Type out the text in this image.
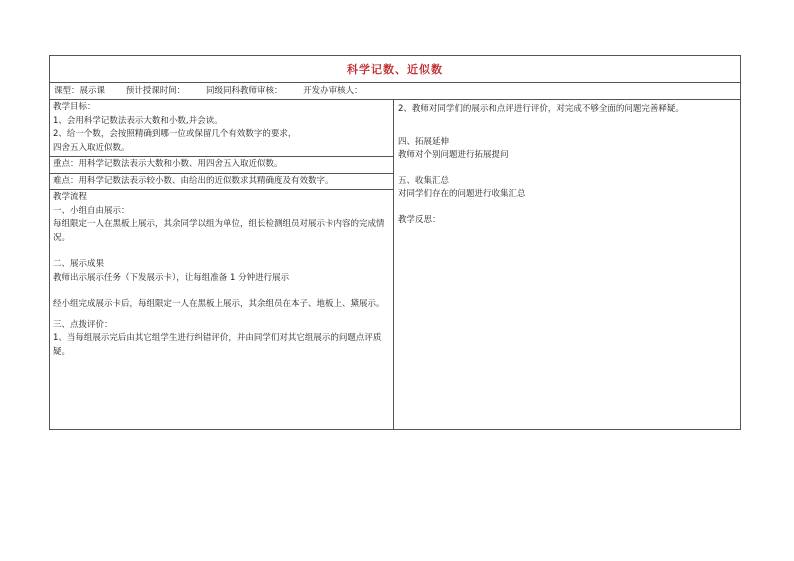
科学记数、近似数
课型：展示课 预计授课时间： 同级同科教师审核： 开发办审核人：
教学目标：
1、会用科学记数法表示大数和小数,并会读。
2、给一个数，会按照精确到哪一位或保留几个有效数字的要求，
四舍五入取近似数。
重点：用科学记数法表示大数和小数、用四舍五入取近似数。
难点：用科学记数法表示较小数、由给出的近似数求其精确度及有效数字。
教学流程
一、小组自由展示：
每组限定一人在黑板上展示，其余同学以组为单位，组长检测组员对展示卡内容的完成情况。
二、展示成果
教师出示展示任务（下发展示卡），让每组准备 1 分钟进行展示
经小组完成展示卡后，每组限定一人在黑板上展示，其余组员在本子、地板上、黛展示。
三、点拨评价：
1、当每组展示完后由其它组学生进行纠错评价，并由同学们对其它组展示的问题点评质疑。
2、教师对同学们的展示和点评进行评价，对完成不够全面的问题完善释疑。
四、拓展延伸
教师对个别问题进行拓展提问
五、收集汇总
对同学们存在的问题进行收集汇总
教学反思：
